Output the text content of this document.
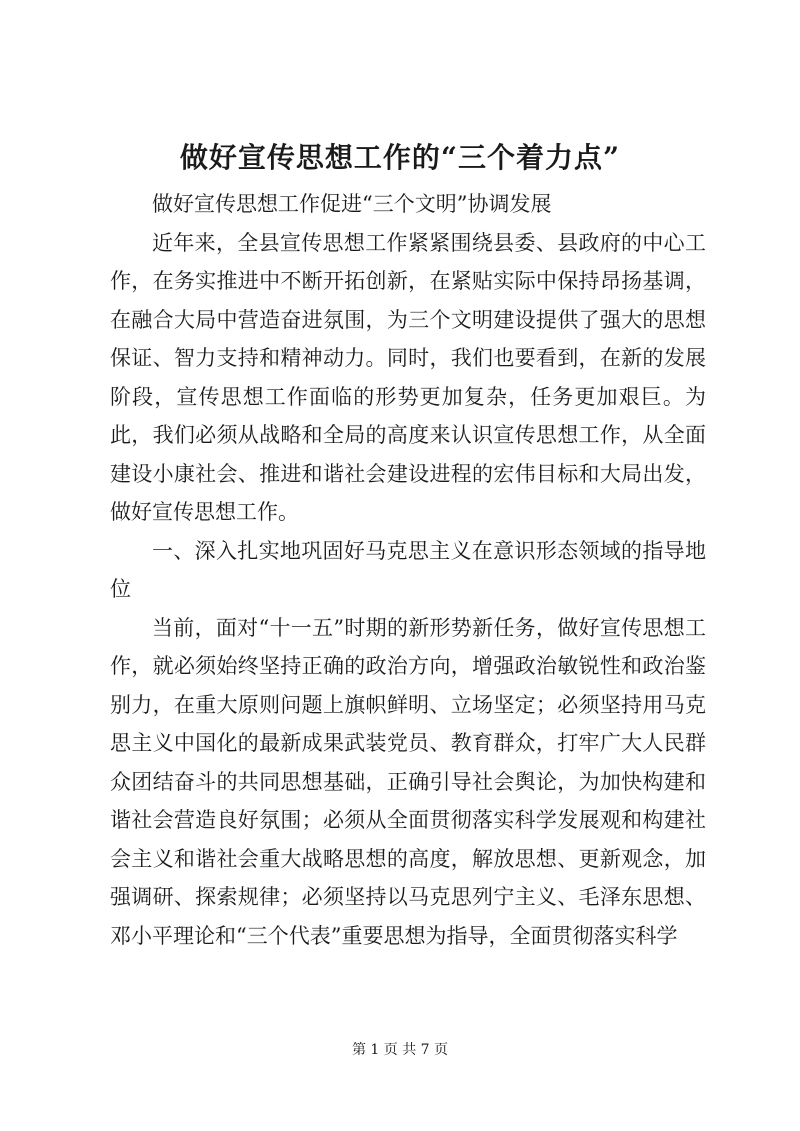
做好宣传思想工作的“三个着力点”

做好宣传思想工作促进“三个文明”协调发展

近年来，全县宣传思想工作紧紧围绕县委、县政府的中心工作，在务实推进中不断开拓创新，在紧贴实际中保持昂扬基调，在融合大局中营造奋进氛围，为三个文明建设提供了强大的思想保证、智力支持和精神动力。同时，我们也要看到，在新的发展阶段，宣传思想工作面临的形势更加复杂，任务更加艰巨。为此，我们必须从战略和全局的高度来认识宣传思想工作，从全面建设小康社会、推进和谐社会建设进程的宏伟目标和大局出发，做好宣传思想工作。

一、深入扎实地巩固好马克思主义在意识形态领域的指导地位

当前，面对“十一五”时期的新形势新任务，做好宣传思想工作，就必须始终坚持正确的政治方向，增强政治敏锐性和政治鉴别力，在重大原则问题上旗帜鲜明、立场坚定；必须坚持用马克思主义中国化的最新成果武装党员、教育群众，打牢广大人民群众团结奋斗的共同思想基础，正确引导社会舆论，为加快构建和谐社会营造良好氛围；必须从全面贯彻落实科学发展观和构建社会主义和谐社会重大战略思想的高度，解放思想、更新观念，加强调研、探索规律；必须坚持以马克思列宁主义、毛泽东思想、邓小平理论和“三个代表”重要思想为指导，全面贯彻落实科学

第 1 页 共 7 页
